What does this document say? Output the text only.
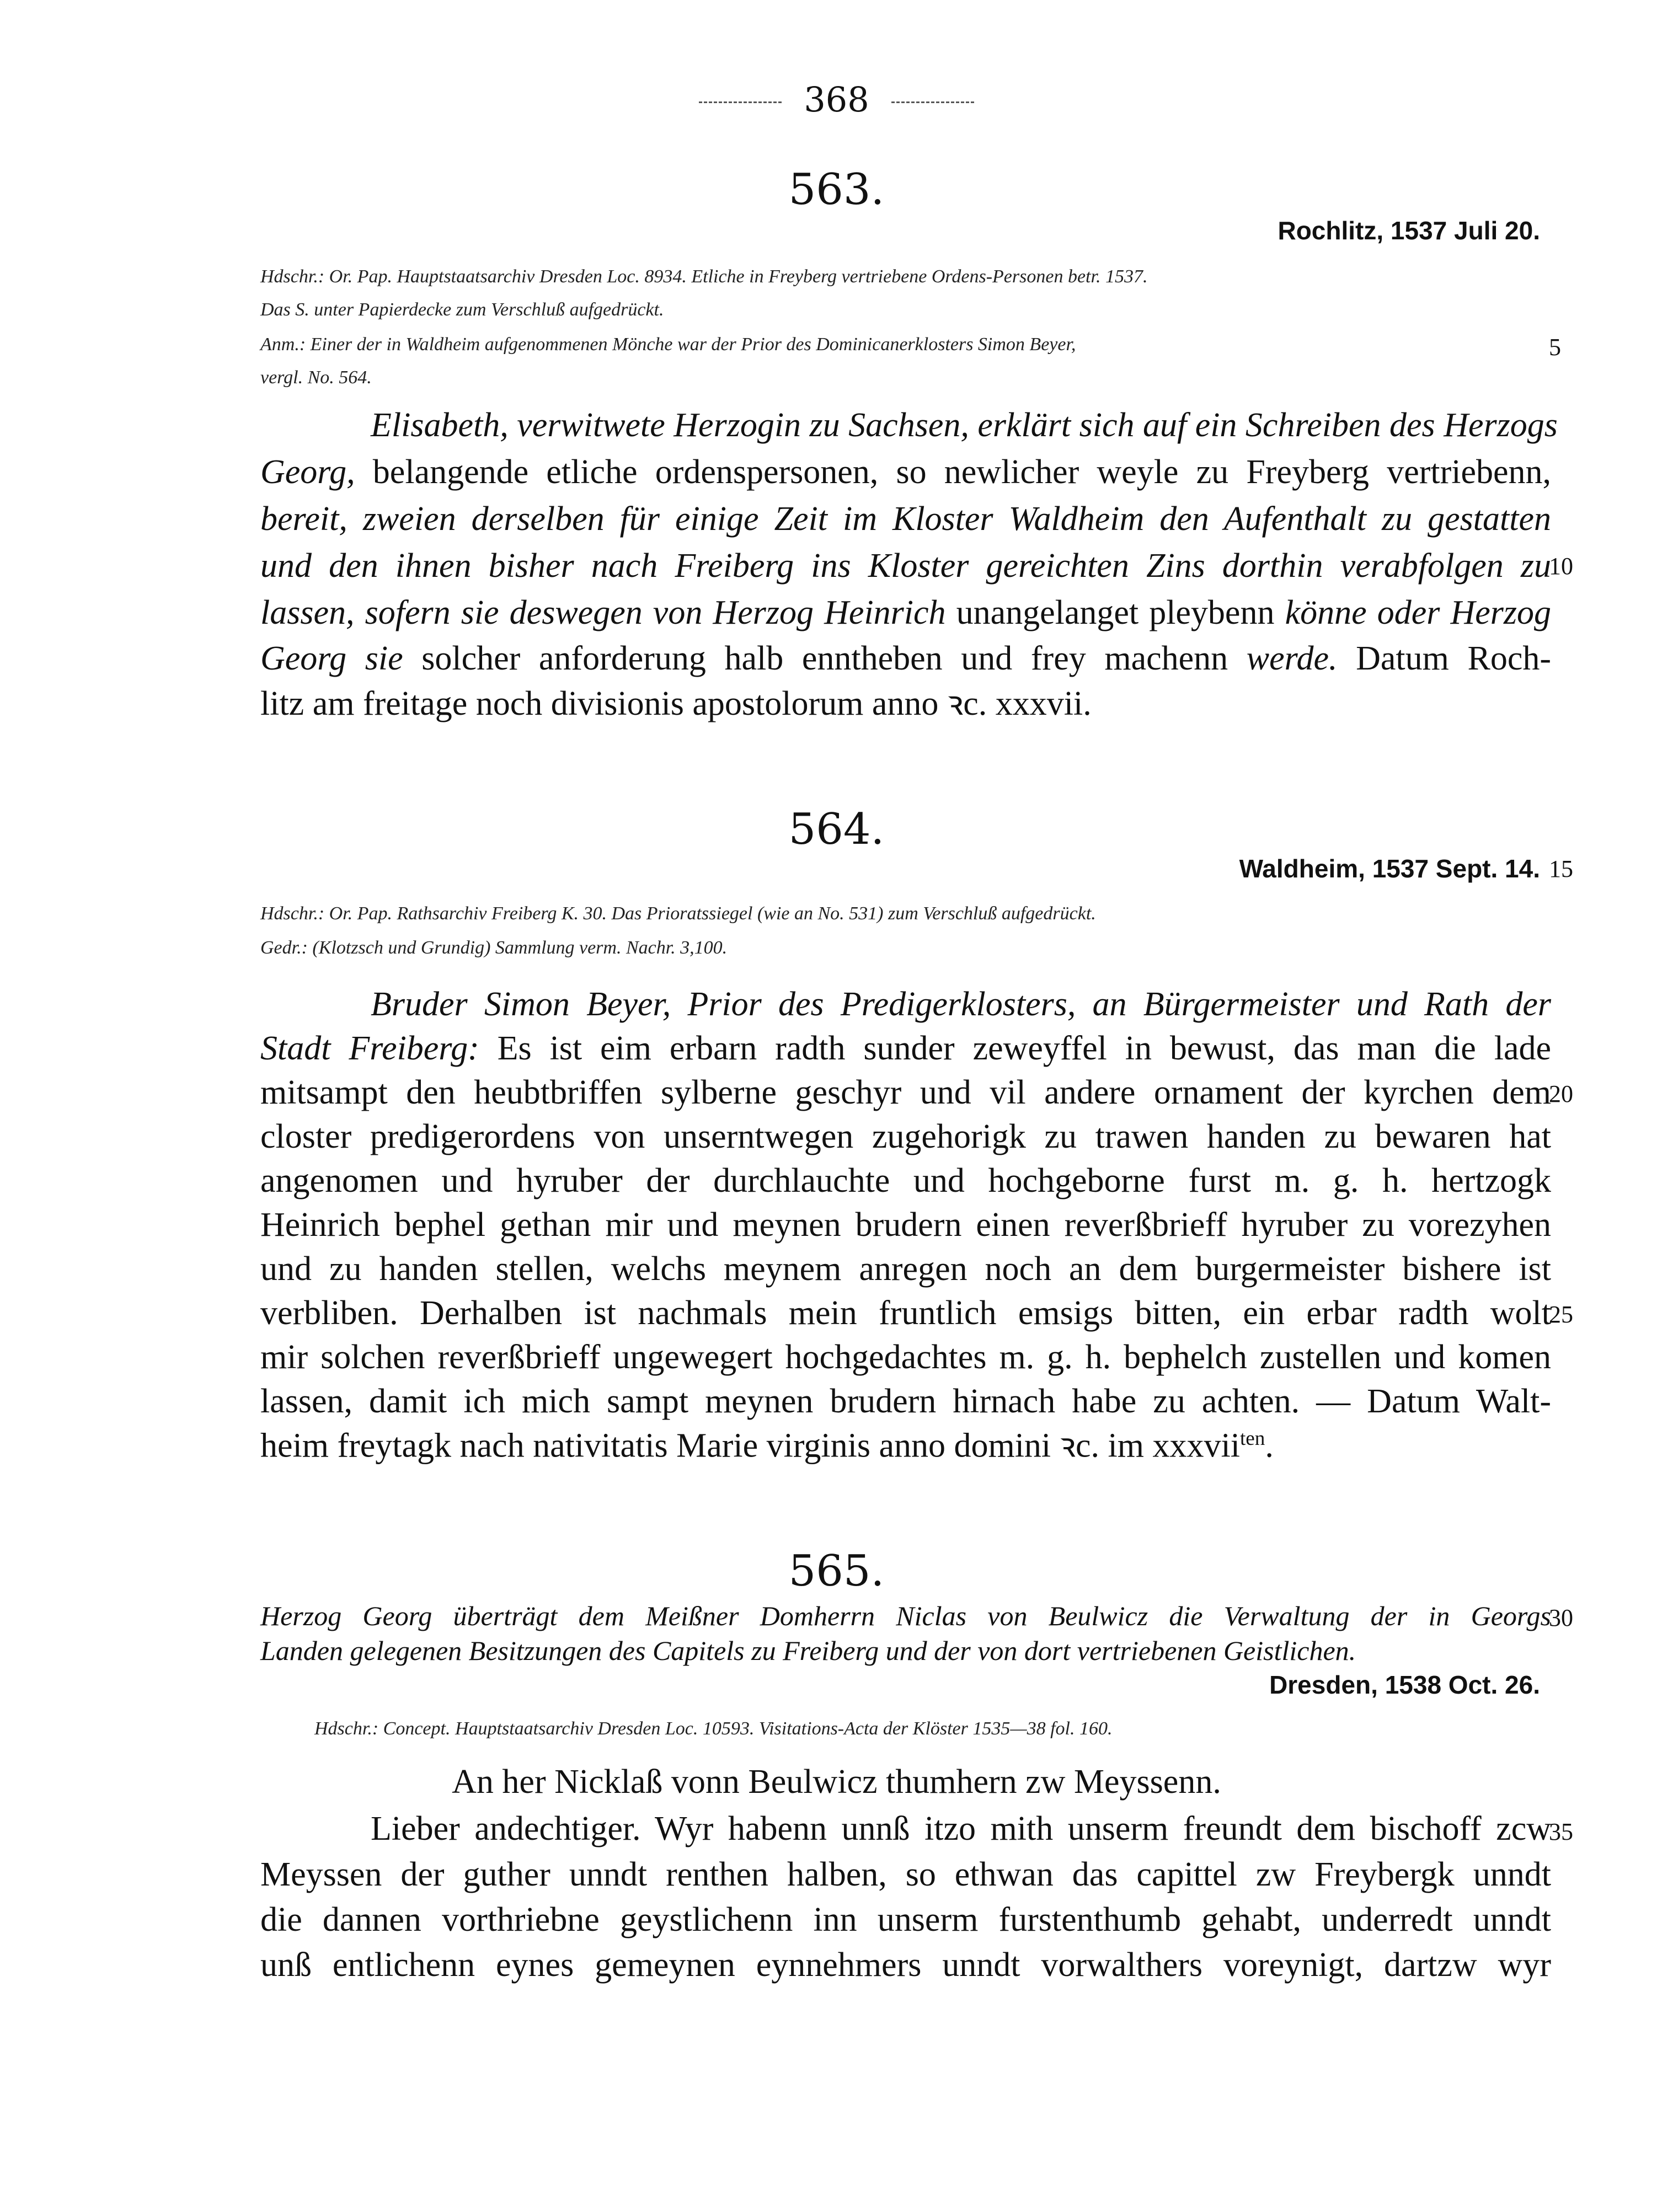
368
563.
Rochlitz, 1537 Juli 20.
Hdschr.: Or. Pap. Hauptstaatsarchiv Dresden Loc. 8934. Etliche in Freyberg vertriebene Ordens-Personen betr. 1537.
Das S. unter Papierdecke zum Verschluß aufgedrückt.
Anm.: Einer der in Waldheim aufgenommenen Mönche war der Prior des Dominicanerklosters Simon Beyer,
vergl. No. 564.
5
Elisabeth, verwitwete Herzogin zu Sachsen, erklärt sich auf ein Schreiben des Herzogs
Georg, belangende etliche ordenspersonen, so newlicher weyle zu Freyberg vertriebenn,
bereit, zweien derselben für einige Zeit im Kloster Waldheim den Aufenthalt zu gestatten
und den ihnen bisher nach Freiberg ins Kloster gereichten Zins dorthin verabfolgen zu
10
lassen, sofern sie deswegen von Herzog Heinrich unangelanget pleybenn könne oder Herzog
Georg sie solcher anforderung halb enntheben und frey machenn werde. Datum Roch-
litz am freitage noch divisionis apostolorum anno ꝛc. xxxvii.
564.
Waldheim, 1537 Sept. 14. 15
Hdschr.: Or. Pap. Rathsarchiv Freiberg K. 30. Das Prioratssiegel (wie an No. 531) zum Verschluß aufgedrückt.
Gedr.: (Klotzsch und Grundig) Sammlung verm. Nachr. 3,100.
Bruder Simon Beyer, Prior des Predigerklosters, an Bürgermeister und Rath der
Stadt Freiberg: Es ist eim erbarn radth sunder zeweyffel in bewust, das man die lade
mitsampt den heubtbriffen sylberne geschyr und vil andere ornament der kyrchen dem
20
closter predigerordens von unserntwegen zugehorigk zu trawen handen zu bewaren hat
angenomen und hyruber der durchlauchte und hochgeborne furst m. g. h. hertzogk
Heinrich bephel gethan mir und meynen brudern einen reverßbrieff hyruber zu vorezyhen
und zu handen stellen, welchs meynem anregen noch an dem burgermeister bishere ist
verbliben. Derhalben ist nachmals mein fruntlich emsigs bitten, ein erbar radth wolt
25
mir solchen reverßbrieff ungewegert hochgedachtes m. g. h. bephelch zustellen und komen
lassen, damit ich mich sampt meynen brudern hirnach habe zu achten. — Datum Walt-
heim freytagk nach nativitatis Marie virginis anno domini ꝛc. im xxxvii$^{ten}$.
565.
Herzog Georg überträgt dem Meißner Domherrn Niclas von Beulwicz die Verwaltung der in Georgs
30
Landen gelegenen Besitzungen des Capitels zu Freiberg und der von dort vertriebenen Geistlichen.
Dresden, 1538 Oct. 26.
Hdschr.: Concept. Hauptstaatsarchiv Dresden Loc. 10593. Visitations-Acta der Klöster 1535—38 fol. 160.
An her Nicklaß vonn Beulwicz thumhern zw Meyssenn.
Lieber andechtiger. Wyr habenn unnß itzo mith unserm freundt dem bischoff zcw
35
Meyssen der guther unndt renthen halben, so ethwan das capittel zw Freybergk unndt
die dannen vorthriebne geystlichenn inn unserm furstenthumb gehabt, underredt unndt
unß entlichenn eynes gemeynen eynnehmers unndt vorwalthers voreynigt, dartzw wyr
